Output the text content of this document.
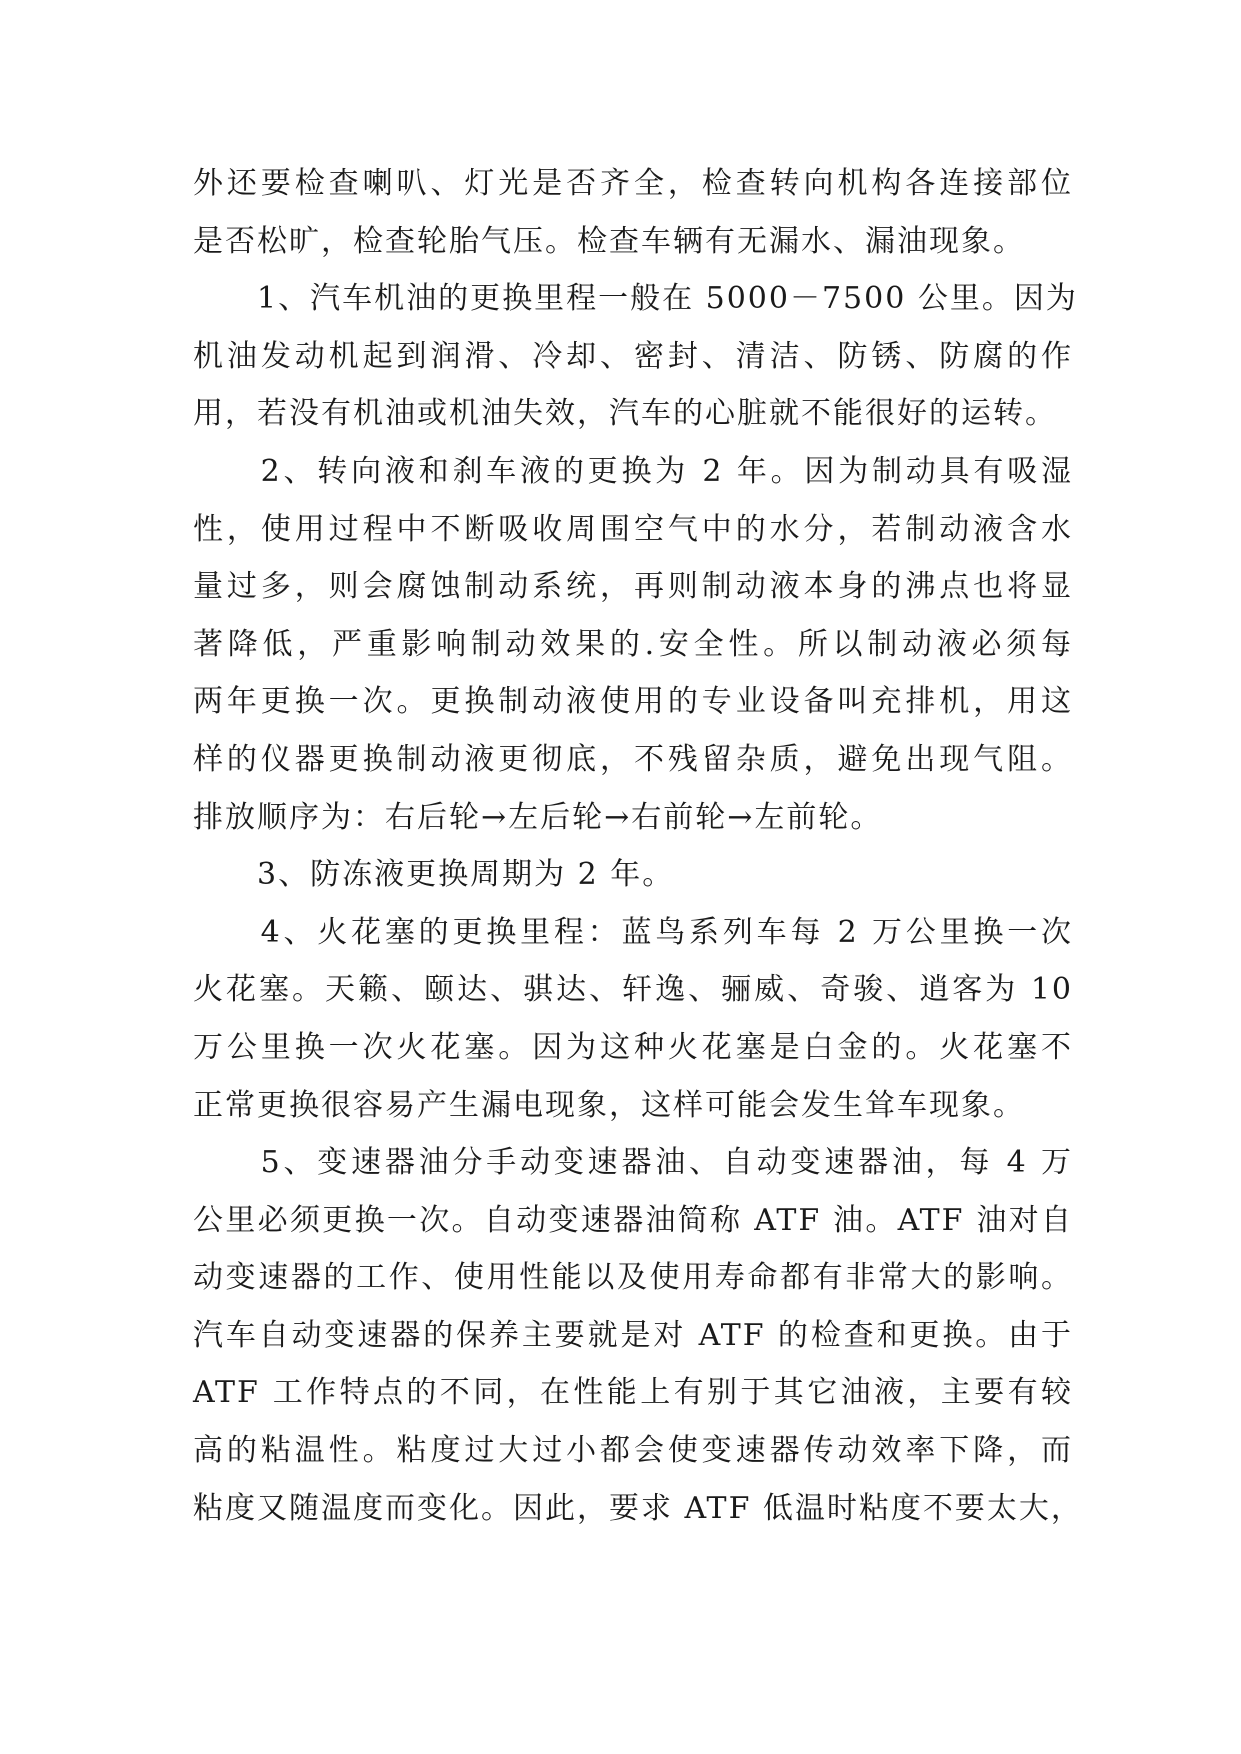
外还要检查喇叭、灯光是否齐全，检查转向机构各连接部位
是否松旷，检查轮胎气压。检查车辆有无漏水、漏油现象。
　　1、汽车机油的更换里程一般在 5000－7500 公里。因为
机油发动机起到润滑、冷却、密封、清洁、防锈、防腐的作
用，若没有机油或机油失效，汽车的心脏就不能很好的运转。
　　2、转向液和刹车液的更换为 2 年。因为制动具有吸湿
性，使用过程中不断吸收周围空气中的水分，若制动液含水
量过多，则会腐蚀制动系统，再则制动液本身的沸点也将显
著降低，严重影响制动效果的.安全性。所以制动液必须每
两年更换一次。更换制动液使用的专业设备叫充排机，用这
样的仪器更换制动液更彻底，不残留杂质，避免出现气阻。
排放顺序为：右后轮→左后轮→右前轮→左前轮。
　　3、防冻液更换周期为 2 年。
　　4、火花塞的更换里程：蓝鸟系列车每 2 万公里换一次
火花塞。天籁、颐达、骐达、轩逸、骊威、奇骏、逍客为 10
万公里换一次火花塞。因为这种火花塞是白金的。火花塞不
正常更换很容易产生漏电现象，这样可能会发生耸车现象。
　　5、变速器油分手动变速器油、自动变速器油，每 4 万
公里必须更换一次。自动变速器油简称 ATF 油。ATF 油对自
动变速器的工作、使用性能以及使用寿命都有非常大的影响。
汽车自动变速器的保养主要就是对 ATF 的检查和更换。由于
ATF 工作特点的不同，在性能上有别于其它油液，主要有较
高的粘温性。粘度过大过小都会使变速器传动效率下降，而
粘度又随温度而变化。因此，要求 ATF 低温时粘度不要太大，
